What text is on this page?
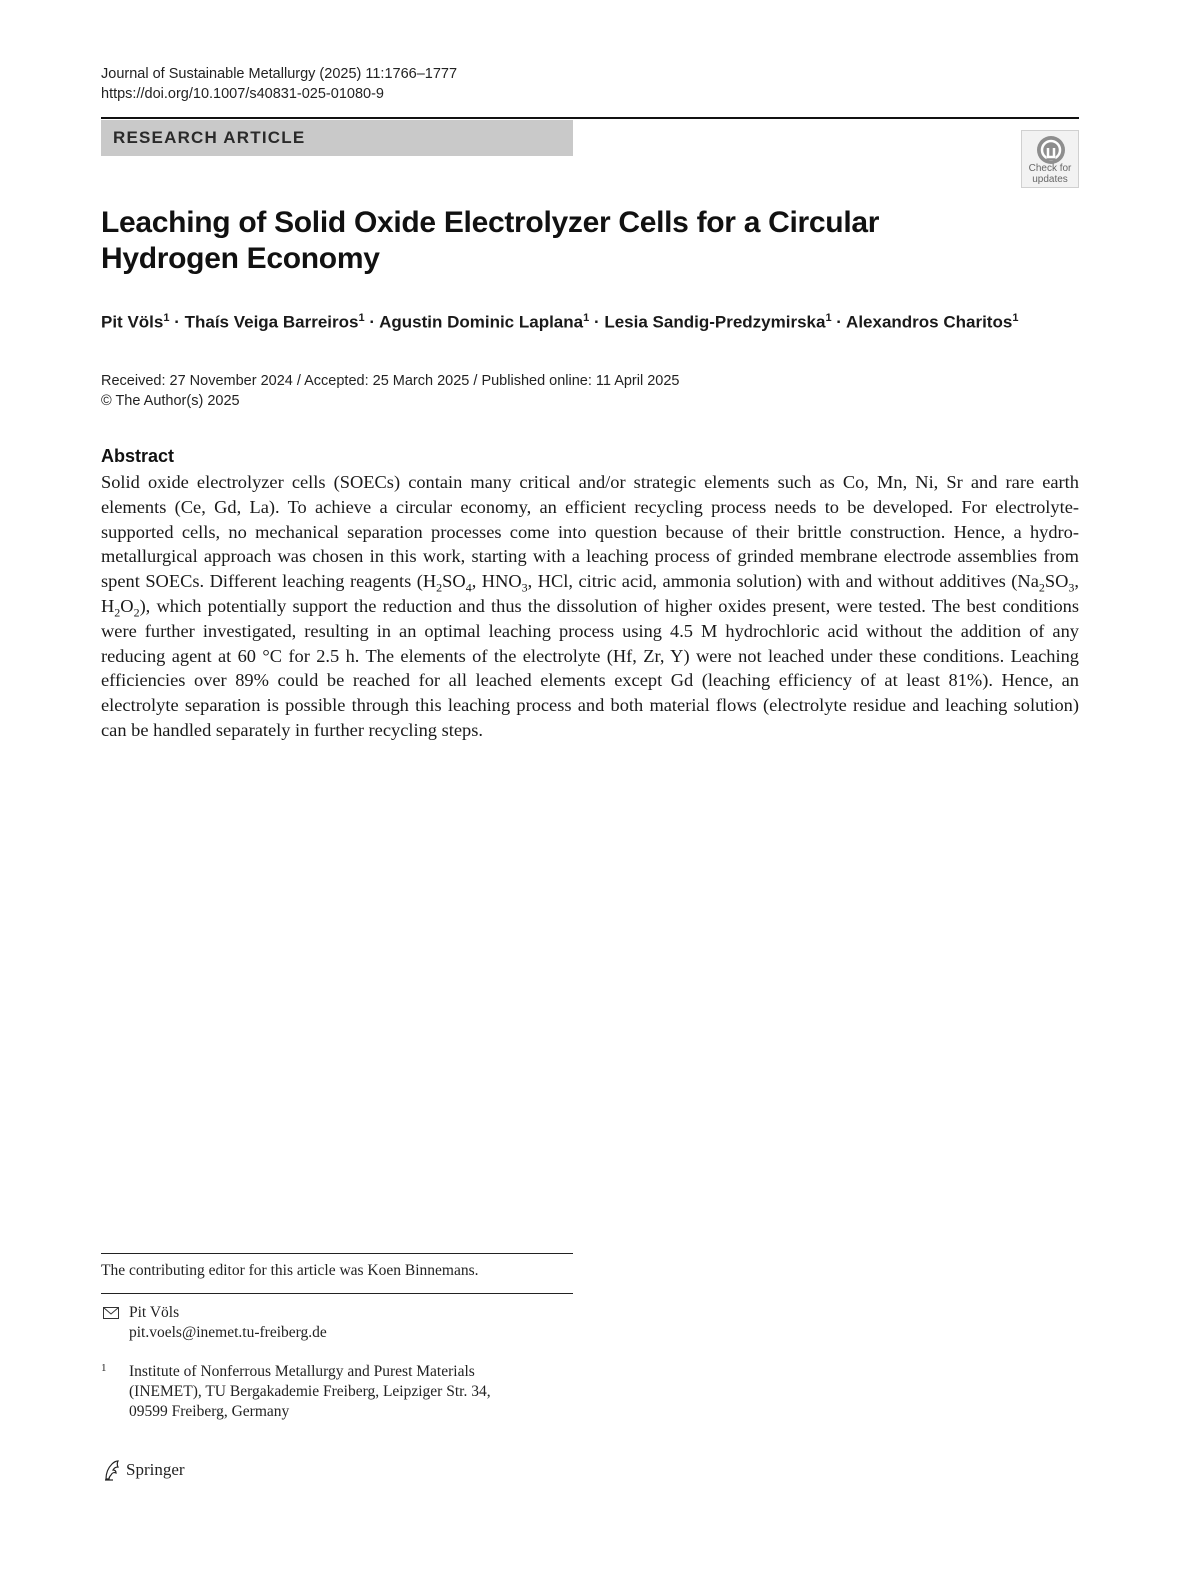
Journal of Sustainable Metallurgy (2025) 11:1766–1777
https://doi.org/10.1007/s40831-025-01080-9
RESEARCH ARTICLE
Check for
updates
Leaching of Solid Oxide Electrolyzer Cells for a Circular Hydrogen Economy
Pit Völs$^1$ · Thaís Veiga Barreiros$^1$ · Agustin Dominic Laplana$^1$ · Lesia Sandig-Predzymirska$^1$ · Alexandros Charitos$^1$
Received: 27 November 2024 / Accepted: 25 March 2025 / Published online: 11 April 2025
© The Author(s) 2025
Abstract

Solid oxide electrolyzer cells (SOECs) contain many critical and/or strategic elements such as Co, Mn, Ni, Sr and rare earth elements (Ce, Gd, La). To achieve a circular economy, an efficient recycling process needs to be developed. For electrolyte-supported cells, no mechanical separation processes come into question because of their brittle construction. Hence, a hydro-metallurgical approach was chosen in this work, starting with a leaching process of grinded membrane electrode assemblies from spent SOECs. Different leaching reagents ($H_2SO_4$, $HNO_3$, HCl, citric acid, ammonia solution) with and without additives ($Na_2SO_3$, $H_2O_2$), which potentially support the reduction and thus the dissolution of higher oxides present, were tested. The best conditions were further investigated, resulting in an optimal leaching process using 4.5 M hydrochloric acid without the addition of any reducing agent at 60 °C for 2.5 h. The elements of the electrolyte (Hf, Zr, Y) were not leached under these conditions. Leaching efficiencies over 89% could be reached for all leached elements except Gd (leaching efficiency of at least 81%). Hence, an electrolyte separation is possible through this leaching process and both material flows (electrolyte residue and leaching solution) can be handled separately in further recycling steps.

The contributing editor for this article was Koen Binnemans.
Pit Völs
pit.voels@inemet.tu-freiberg.de
1 Institute of Nonferrous Metallurgy and Purest Materials
(INEMET), TU Bergakademie Freiberg, Leipziger Str. 34,
09599 Freiberg, Germany
Springer
